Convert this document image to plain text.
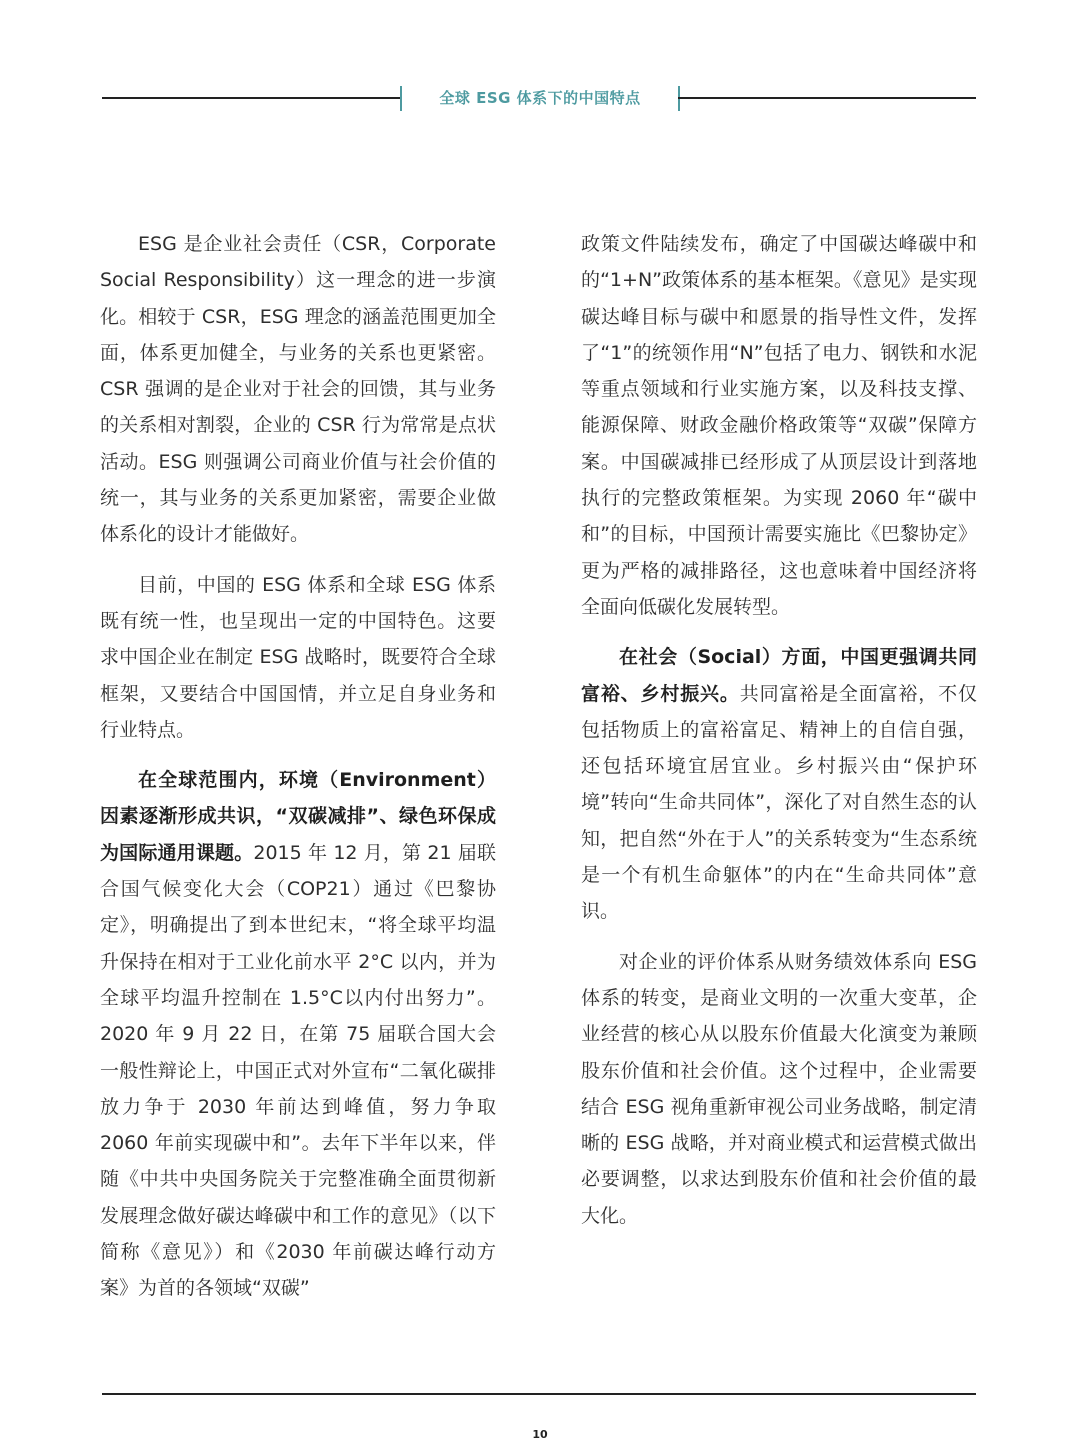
全球 ESG 体系下的中国特点

ESG 是企业社会责任（CSR，Corporate Social Responsibility）这一理念的进一步演化。相较于 CSR，ESG 理念的涵盖范围更加全面，体系更加健全，与业务的关系也更紧密。CSR 强调的是企业对于社会的回馈，其与业务的关系相对割裂，企业的 CSR 行为常常是点状活动。ESG 则强调公司商业价值与社会价值的统一，其与业务的关系更加紧密，需要企业做体系化的设计才能做好。

目前，中国的 ESG 体系和全球 ESG 体系既有统一性，也呈现出一定的中国特色。这要求中国企业在制定 ESG 战略时，既要符合全球框架，又要结合中国国情，并立足自身业务和行业特点。

在全球范围内，环境（Environment）因素逐渐形成共识，“双碳减排”、绿色环保成为国际通用课题。2015 年 12 月，第 21 届联合国气候变化大会（COP21）通过《巴黎协定》，明确提出了到本世纪末，“将全球平均温升保持在相对于工业化前水平 2°C 以内，并为全球平均温升控制在 1.5°C以内付出努力”。2020 年 9 月 22 日，在第 75 届联合国大会一般性辩论上，中国正式对外宣布“二氧化碳排放力争于 2030 年前达到峰值，努力争取 2060 年前实现碳中和”。去年下半年以来，伴随《中共中央国务院关于完整准确全面贯彻新发展理念做好碳达峰碳中和工作的意见》（以下简称《意见》）和《2030 年前碳达峰行动方案》为首的各领域“双碳”

政策文件陆续发布，确定了中国碳达峰碳中和的“1+N”政策体系的基本框架。《意见》是实现碳达峰目标与碳中和愿景的指导性文件，发挥了“1”的统领作用“N”包括了电力、钢铁和水泥等重点领域和行业实施方案，以及科技支撑、能源保障、财政金融价格政策等“双碳”保障方案。中国碳减排已经形成了从顶层设计到落地执行的完整政策框架。为实现 2060 年“碳中和”的目标，中国预计需要实施比《巴黎协定》更为严格的减排路径，这也意味着中国经济将全面向低碳化发展转型。

在社会（Social）方面，中国更强调共同富裕、乡村振兴。共同富裕是全面富裕，不仅包括物质上的富裕富足、精神上的自信自强，还包括环境宜居宜业。乡村振兴由“保护环境”转向“生命共同体”，深化了对自然生态的认知，把自然“外在于人”的关系转变为“生态系统是一个有机生命躯体”的内在“生命共同体”意识。

对企业的评价体系从财务绩效体系向 ESG 体系的转变，是商业文明的一次重大变革，企业经营的核心从以股东价值最大化演变为兼顾股东价值和社会价值。这个过程中，企业需要结合 ESG 视角重新审视公司业务战略，制定清晰的 ESG 战略，并对商业模式和运营模式做出必要调整，以求达到股东价值和社会价值的最大化。

10
